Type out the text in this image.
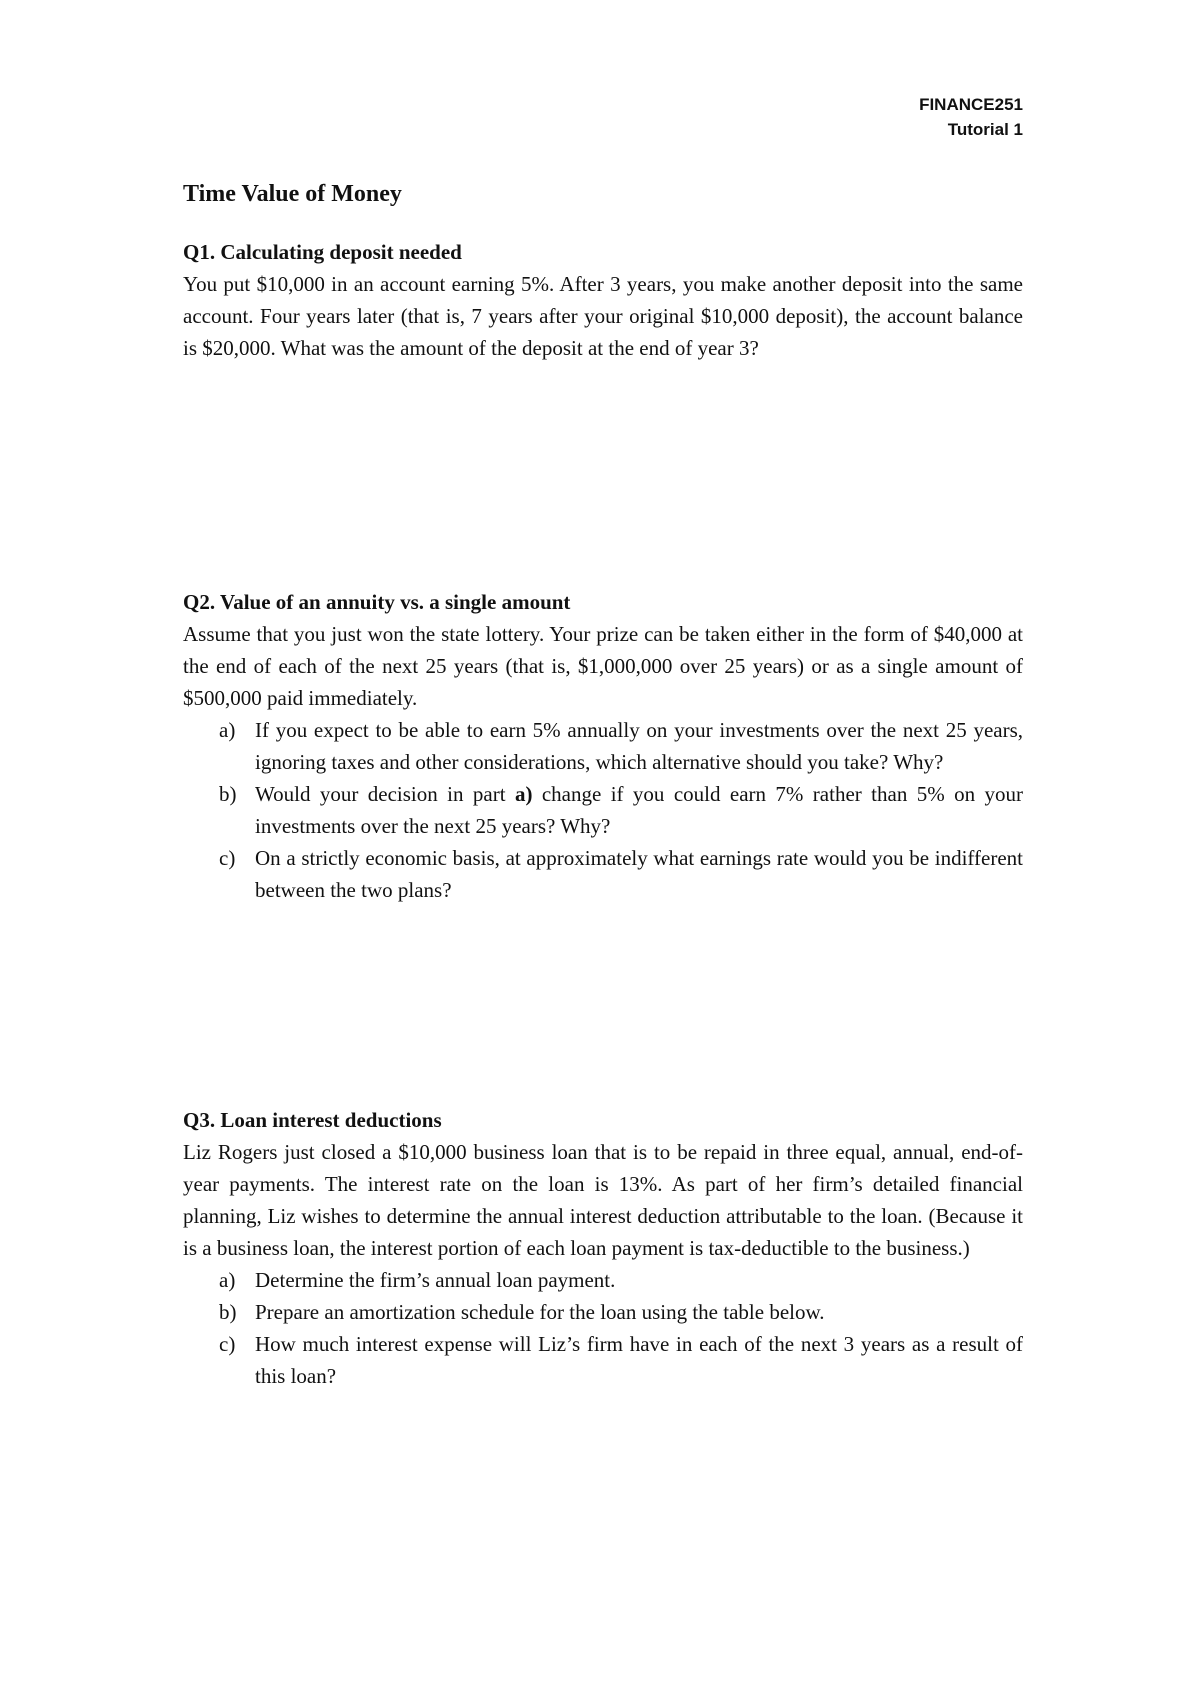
FINANCE251
Tutorial 1
Time Value of Money

Q1. Calculating deposit needed

You put $10,000 in an account earning 5%. After 3 years, you make another deposit into the same account. Four years later (that is, 7 years after your original $10,000 deposit), the account balance is $20,000. What was the amount of the deposit at the end of year 3?

Q2. Value of an annuity vs. a single amount

Assume that you just won the state lottery. Your prize can be taken either in the form of $40,000 at the end of each of the next 25 years (that is, $1,000,000 over 25 years) or as a single amount of $500,000 paid immediately.

a) If you expect to be able to earn 5% annually on your investments over the next 25 years, ignoring taxes and other considerations, which alternative should you take? Why?
b) Would your decision in part a) change if you could earn 7% rather than 5% on your investments over the next 25 years? Why?
c) On a strictly economic basis, at approximately what earnings rate would you be indifferent between the two plans?

Q3. Loan interest deductions

Liz Rogers just closed a $10,000 business loan that is to be repaid in three equal, annual, end-of-year payments. The interest rate on the loan is 13%. As part of her firm’s detailed financial planning, Liz wishes to determine the annual interest deduction attributable to the loan. (Because it is a business loan, the interest portion of each loan payment is tax-deductible to the business.)

a) Determine the firm’s annual loan payment.
b) Prepare an amortization schedule for the loan using the table below.
c) How much interest expense will Liz’s firm have in each of the next 3 years as a result of this loan?
